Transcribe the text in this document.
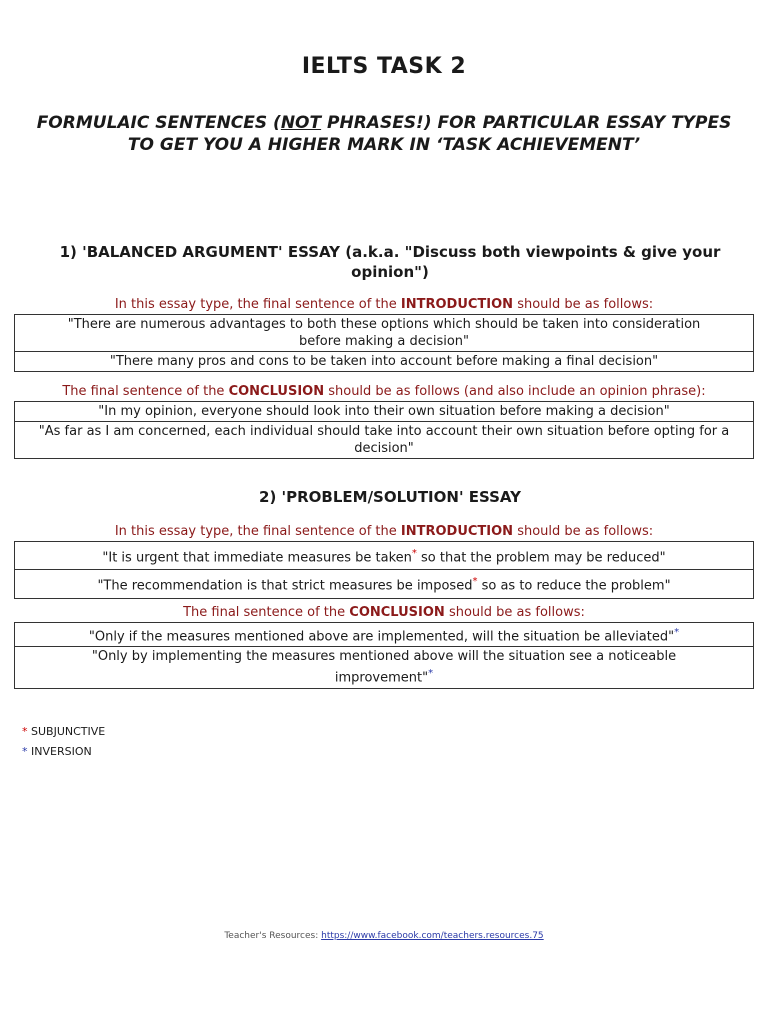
IELTS TASK 2
FORMULAIC SENTENCES (NOT PHRASES!) FOR PARTICULAR ESSAY TYPES
TO GET YOU A HIGHER MARK IN ‘TASK ACHIEVEMENT’
1) 'BALANCED ARGUMENT' ESSAY (a.k.a. "Discuss both viewpoints & give your
opinion")
In this essay type, the final sentence of the INTRODUCTION should be as follows:
"There are numerous advantages to both these options which should be taken into consideration before making a decision"
"There many pros and cons to be taken into account before making a final decision"
The final sentence of the CONCLUSION should be as follows (and also include an opinion phrase):
"In my opinion, everyone should look into their own situation before making a decision"
"As far as I am concerned, each individual should take into account their own situation before opting for a decision"
2) 'PROBLEM/SOLUTION' ESSAY
In this essay type, the final sentence of the INTRODUCTION should be as follows:
"It is urgent that immediate measures be taken* so that the problem may be reduced"
"The recommendation is that strict measures be imposed* so as to reduce the problem"
The final sentence of the CONCLUSION should be as follows:
"Only if the measures mentioned above are implemented, will the situation be alleviated"*
"Only by implementing the measures mentioned above will the situation see a noticeable improvement"*
* SUBJUNCTIVE
* INVERSION
Teacher's Resources: https://www.facebook.com/teachers.resources.75
